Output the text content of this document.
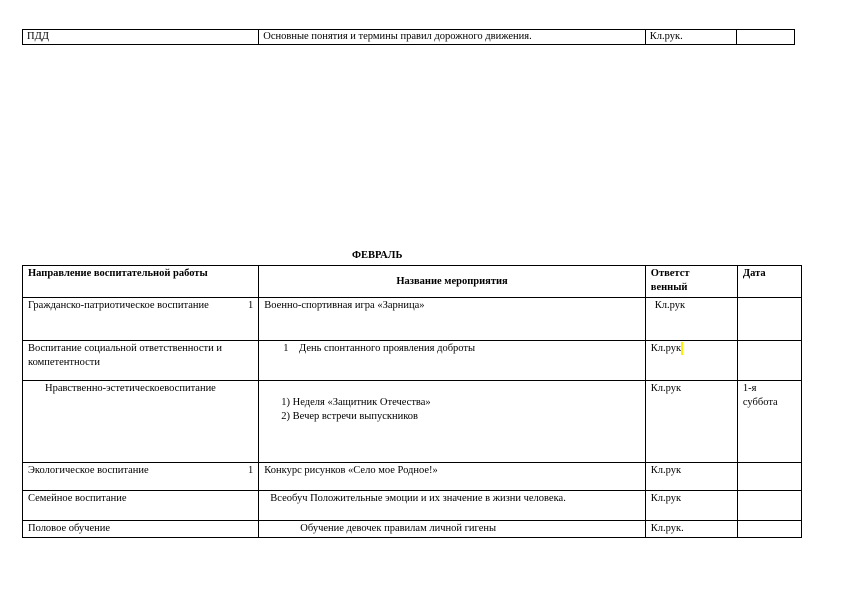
ПДД	Основные понятия и термины правил дорожного движения.	Кл.рук.	
ФЕВРАЛЬ
Направление воспитательной работы	Название мероприятия	Ответст
венный	Дата

1
Гражданско-патриотическое воспитание	Военно-спортивная игра «Зарница»	Кл.рук	
Воспитание социальной ответственности и компетентности	1 День спонтанного проявления доброты	Кл.рук	
Нравственно-эстетическоевоспитание	1) Неделя «Защитник Отечества»
2) Вечер встречи выпускников	Кл.рук	1-я
суббота

1
Экологическое воспитание	Конкурс рисунков «Село мое Родное!»	Кл.рук	
Семейное воспитание	Всеобуч Положительные эмоции и их значение в жизни человека.	Кл.рук	
Половое обучение	Обучение девочек правилам личной гигены	Кл.рук.	
